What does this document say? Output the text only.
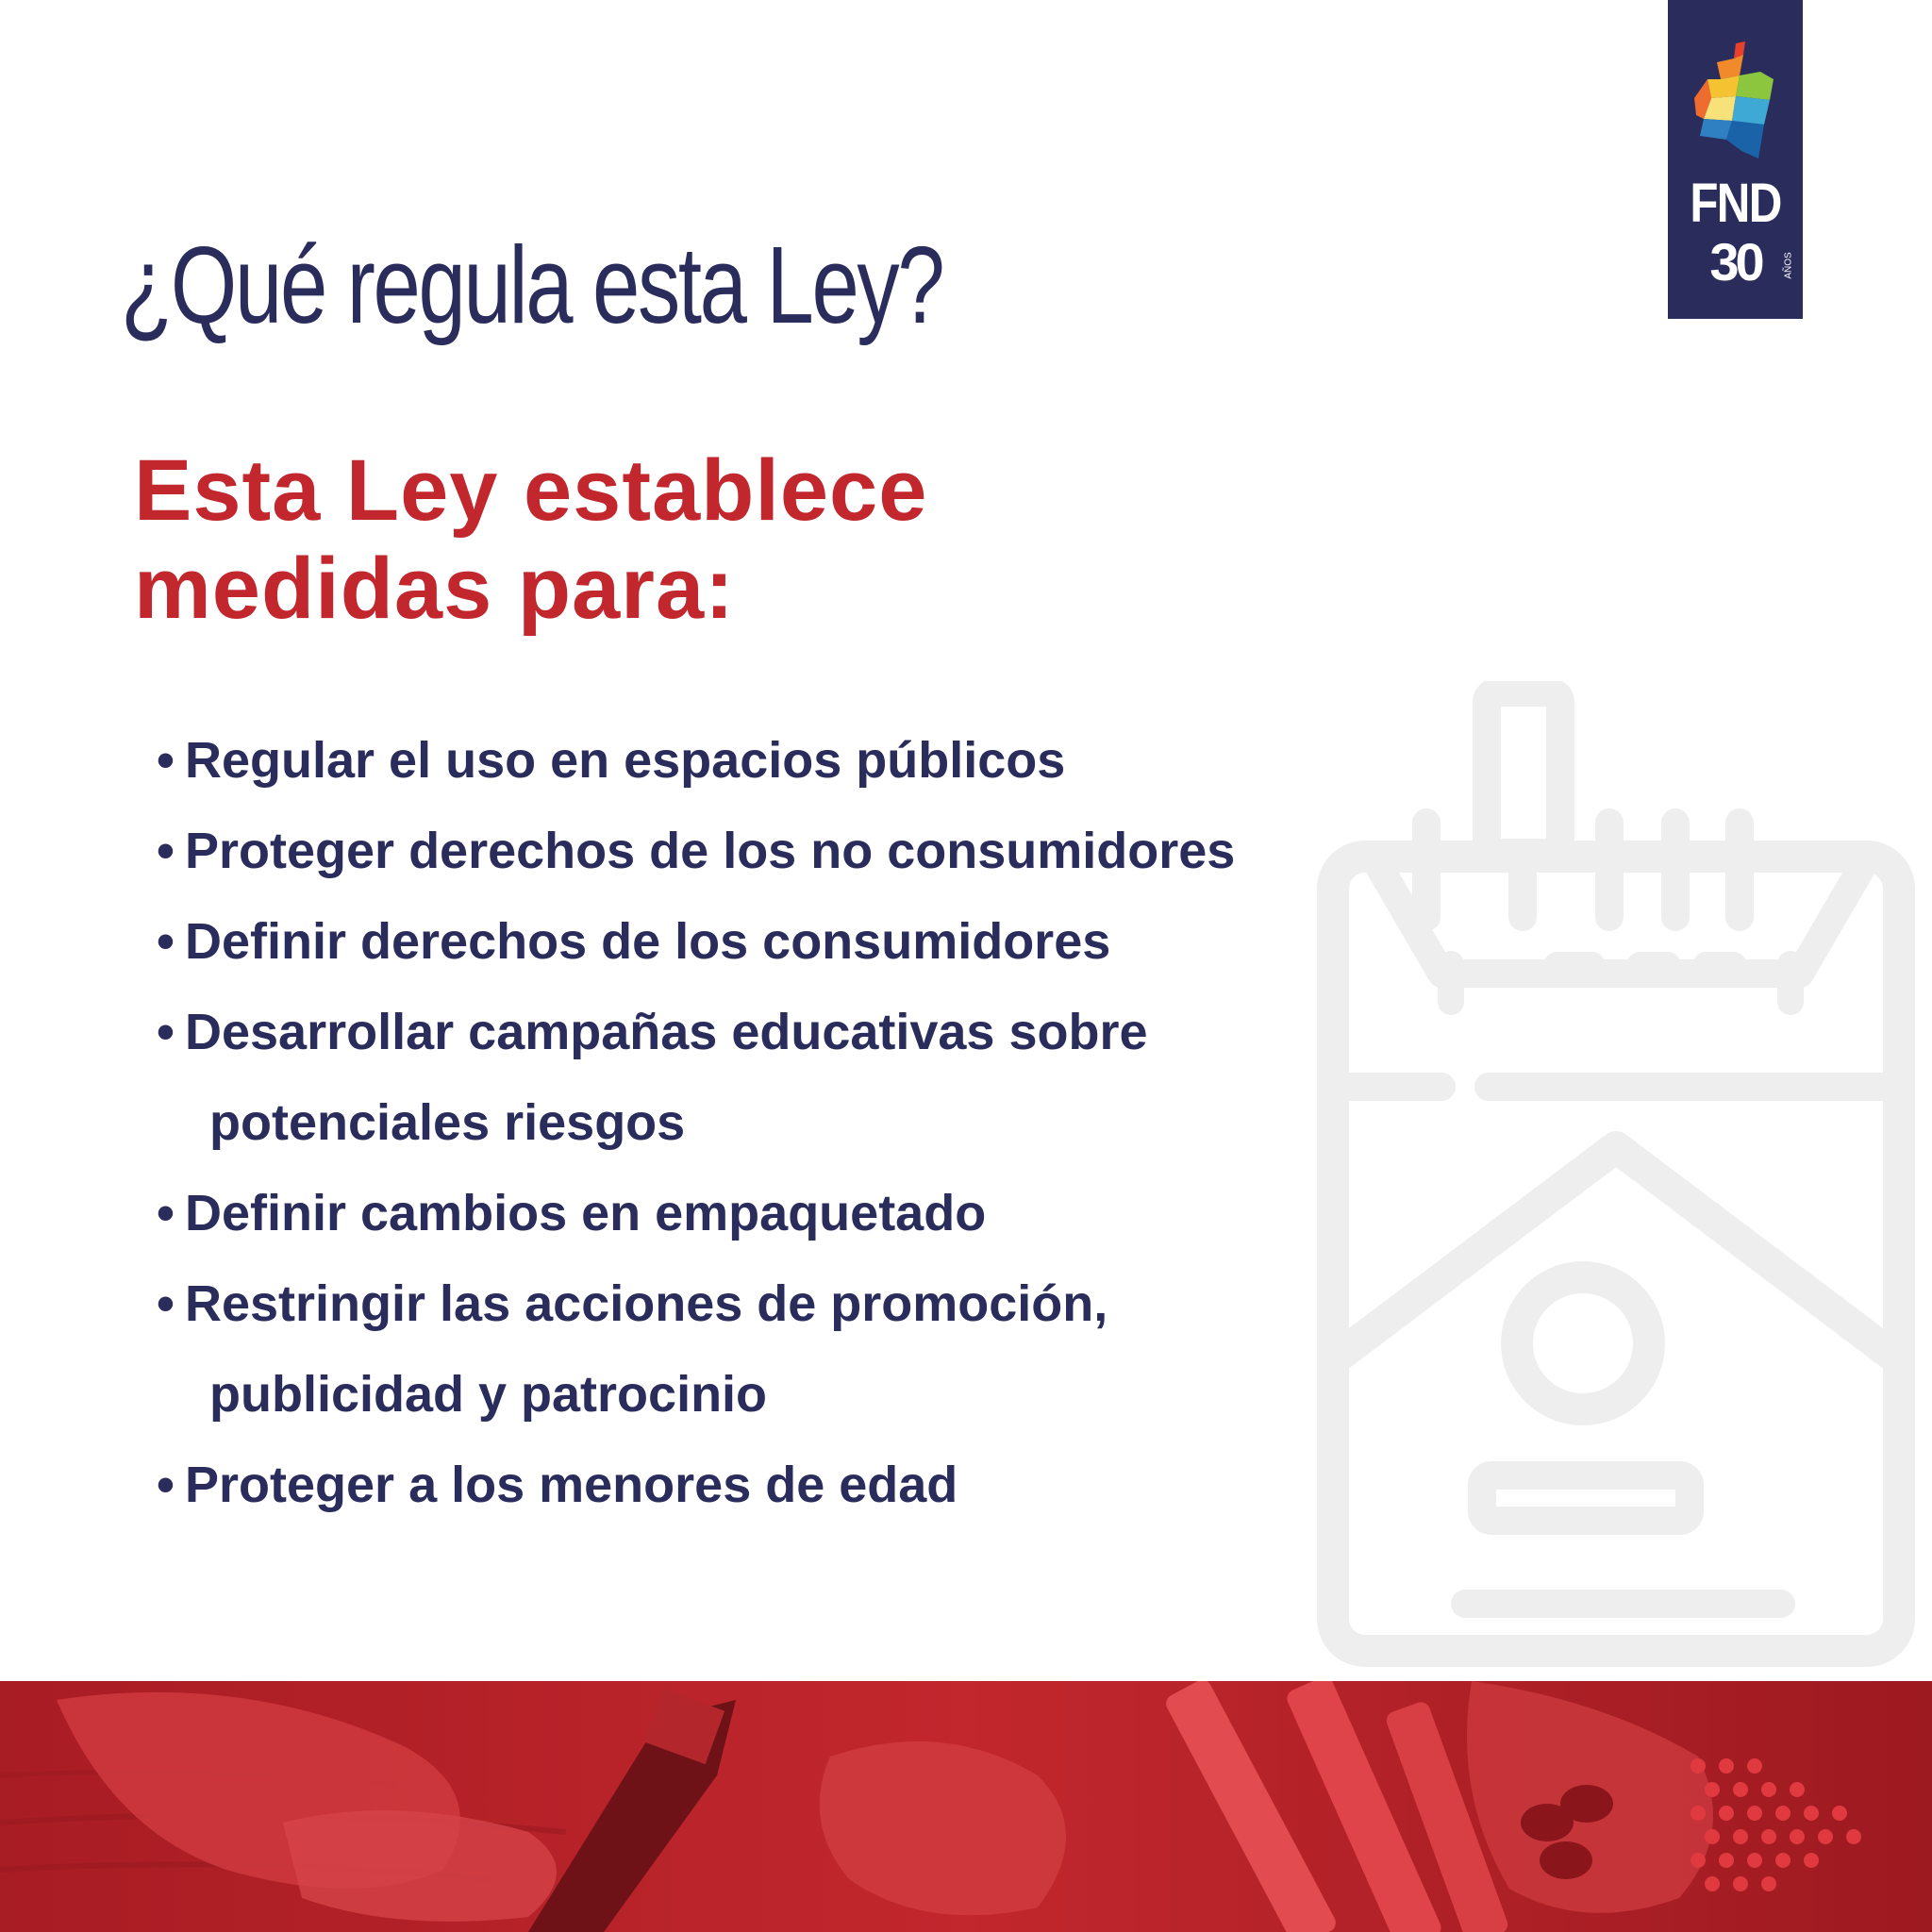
¿Qué regula esta Ley?
FND
30	AÑOS
Esta Ley establece
medidas para:
• Regular el uso en espacios públicos
• Proteger derechos de los no consumidores
• Definir derechos de los consumidores
• Desarrollar campañas educativas sobre
potenciales riesgos
• Definir cambios en empaquetado
• Restringir las acciones de promoción,
publicidad y patrocinio
• Proteger a los menores de edad
